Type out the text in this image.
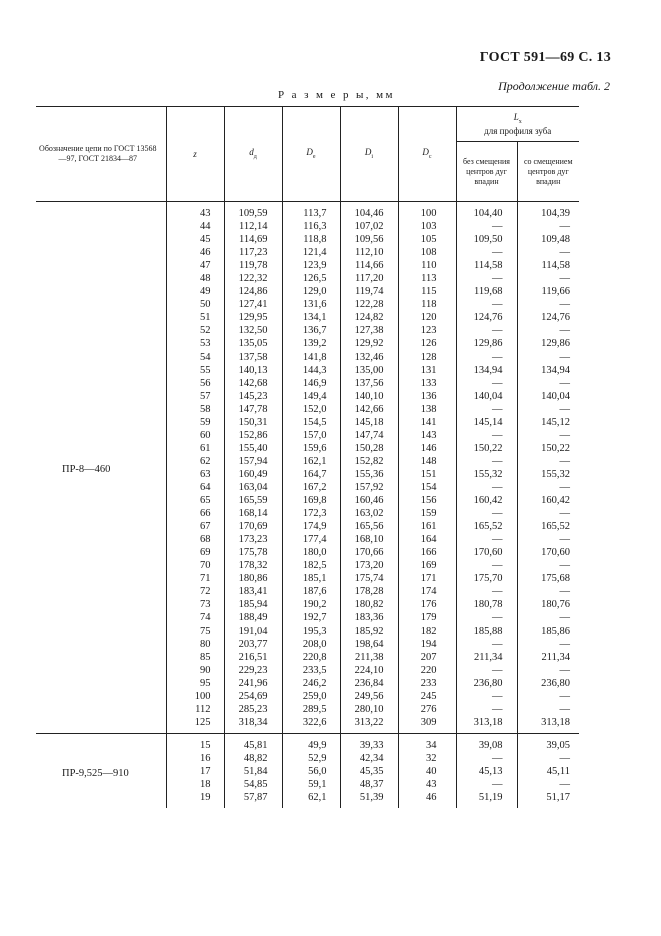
ГОСТ 591—69 С. 13
Продолжение табл. 2
Р а з м е р ы, мм
Обозначение цепи по ГОСТ 13568—97, ГОСТ 21834—87	z	$d_д$	$D_e$	$D_i$	$D_c$	$L_x$
для профиля зуба	

						без смещения центров дуг впадин	со смещением центров дуг впадин
ПР-8—460	43	109,59	113,7	104,46	100	104,40	104,39
	44	112,14	116,3	107,02	103	—	—
	45	114,69	118,8	109,56	105	109,50	109,48
	46	117,23	121,4	112,10	108	—	—
	47	119,78	123,9	114,66	110	114,58	114,58
	48	122,32	126,5	117,20	113	—	—
	49	124,86	129,0	119,74	115	119,68	119,66
	50	127,41	131,6	122,28	118	—	—
	51	129,95	134,1	124,82	120	124,76	124,76
	52	132,50	136,7	127,38	123	—	—
	53	135,05	139,2	129,92	126	129,86	129,86
	54	137,58	141,8	132,46	128	—	—
	55	140,13	144,3	135,00	131	134,94	134,94
	56	142,68	146,9	137,56	133	—	—
	57	145,23	149,4	140,10	136	140,04	140,04
	58	147,78	152,0	142,66	138	—	—
	59	150,31	154,5	145,18	141	145,14	145,12
	60	152,86	157,0	147,74	143	—	—
	61	155,40	159,6	150,28	146	150,22	150,22
	62	157,94	162,1	152,82	148	—	—
	63	160,49	164,7	155,36	151	155,32	155,32
	64	163,04	167,2	157,92	154	—	—
	65	165,59	169,8	160,46	156	160,42	160,42
	66	168,14	172,3	163,02	159	—	—
	67	170,69	174,9	165,56	161	165,52	165,52
	68	173,23	177,4	168,10	164	—	—
	69	175,78	180,0	170,66	166	170,60	170,60
	70	178,32	182,5	173,20	169	—	—
	71	180,86	185,1	175,74	171	175,70	175,68
	72	183,41	187,6	178,28	174	—	—
	73	185,94	190,2	180,82	176	180,78	180,76
	74	188,49	192,7	183,36	179	—	—
	75	191,04	195,3	185,92	182	185,88	185,86
	80	203,77	208,0	198,64	194	—	—
	85	216,51	220,8	211,38	207	211,34	211,34
	90	229,23	233,5	224,10	220	—	—
	95	241,96	246,2	236,84	233	236,80	236,80
	100	254,69	259,0	249,56	245	—	—
	112	285,23	289,5	280,10	276	—	—
	125	318,34	322,6	313,22	309	313,18	313,18
ПР-9,525—910	15	45,81	49,9	39,33	34	39,08	39,05
	16	48,82	52,9	42,34	32	—	—
	17	51,84	56,0	45,35	40	45,13	45,11
	18	54,85	59,1	48,37	43	—	—
	19	57,87	62,1	51,39	46	51,19	51,17
